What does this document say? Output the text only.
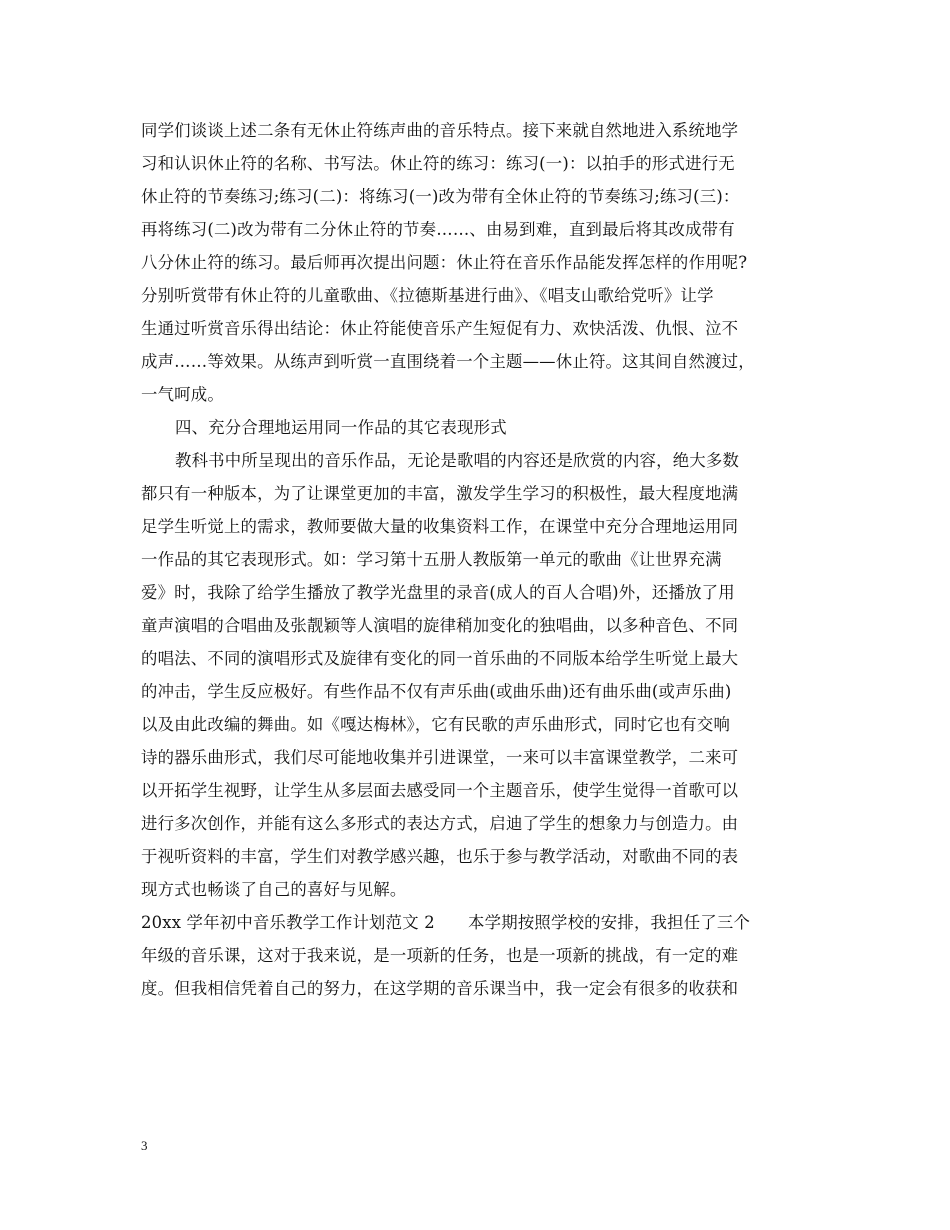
同学们谈谈上述二条有无休止符练声曲的音乐特点。接下来就自然地进入系统地学
习和认识休止符的名称、书写法。休止符的练习：练习(一)：以拍手的形式进行无
休止符的节奏练习;练习(二)：将练习(一)改为带有全休止符的节奏练习;练习(三)：
再将练习(二)改为带有二分休止符的节奏……、由易到难，直到最后将其改成带有
八分休止符的练习。最后师再次提出问题：休止符在音乐作品能发挥怎样的作用呢?
分别听赏带有休止符的儿童歌曲、《拉德斯基进行曲》、《唱支山歌给党听》让学
生通过听赏音乐得出结论：休止符能使音乐产生短促有力、欢快活泼、仇恨、泣不
成声……等效果。从练声到听赏一直围绕着一个主题——休止符。这其间自然渡过，
一气呵成。
四、充分合理地运用同一作品的其它表现形式
教科书中所呈现出的音乐作品，无论是歌唱的内容还是欣赏的内容，绝大多数
都只有一种版本，为了让课堂更加的丰富，激发学生学习的积极性，最大程度地满
足学生听觉上的需求，教师要做大量的收集资料工作，在课堂中充分合理地运用同
一作品的其它表现形式。如：学习第十五册人教版第一单元的歌曲《让世界充满
爱》时，我除了给学生播放了教学光盘里的录音(成人的百人合唱)外，还播放了用
童声演唱的合唱曲及张靓颖等人演唱的旋律稍加变化的独唱曲，以多种音色、不同
的唱法、不同的演唱形式及旋律有变化的同一首乐曲的不同版本给学生听觉上最大
的冲击，学生反应极好。有些作品不仅有声乐曲(或曲乐曲)还有曲乐曲(或声乐曲)
以及由此改编的舞曲。如《嘎达梅林》，它有民歌的声乐曲形式，同时它也有交响
诗的器乐曲形式，我们尽可能地收集并引进课堂，一来可以丰富课堂教学，二来可
以开拓学生视野，让学生从多层面去感受同一个主题音乐，使学生觉得一首歌可以
进行多次创作，并能有这么多形式的表达方式，启迪了学生的想象力与创造力。由
于视听资料的丰富，学生们对教学感兴趣，也乐于参与教学活动，对歌曲不同的表
现方式也畅谈了自己的喜好与见解。
20xx 学年初中音乐教学工作计划范文 2　　本学期按照学校的安排，我担任了三个
年级的音乐课，这对于我来说，是一项新的任务，也是一项新的挑战，有一定的难
度。但我相信凭着自己的努力，在这学期的音乐课当中，我一定会有很多的收获和
3
